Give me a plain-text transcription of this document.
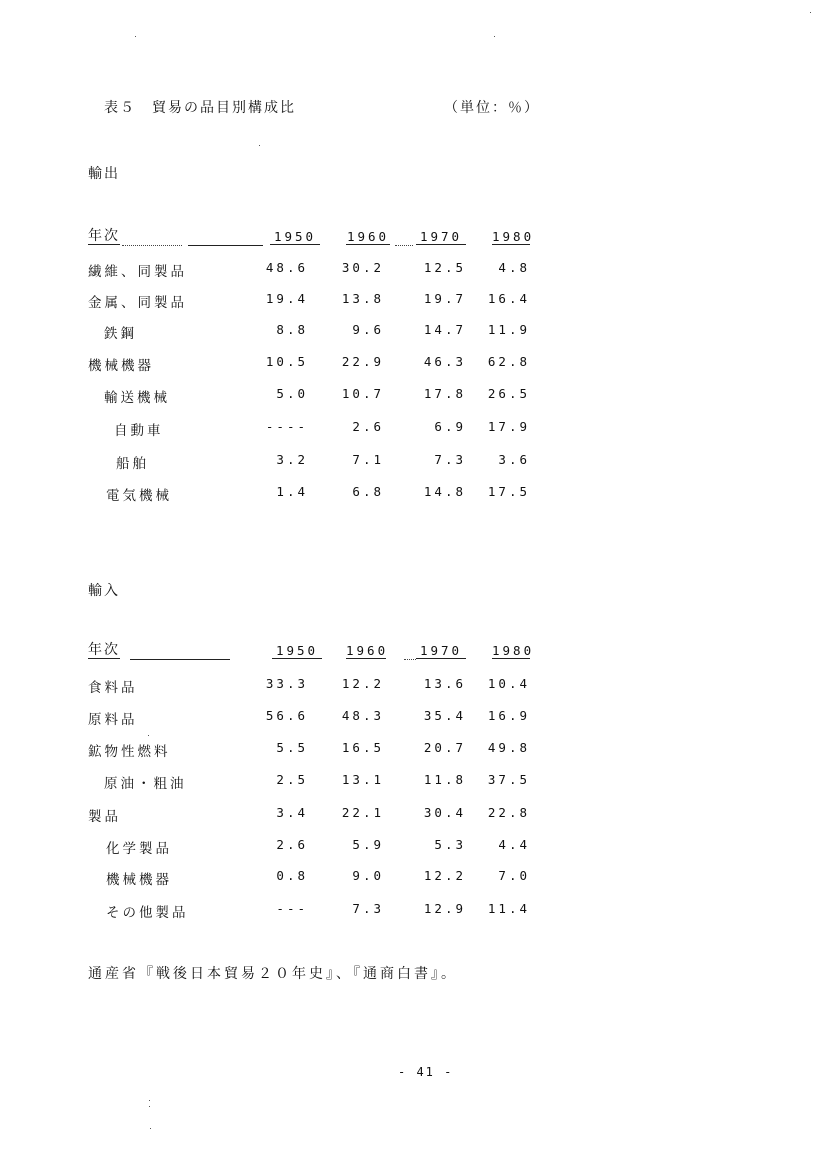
表５　貿易の品目別構成比	（単位：％）
輸出
年次	1950	1960	1970	1980
繊維、同製品	48.6	30.2	12.5	4.8
金属、同製品	19.4	13.8	19.7	16.4
鉄鋼	8.8	9.6	14.7	11.9
機械機器	10.5	22.9	46.3	62.8
輸送機械	5.0	10.7	17.8	26.5
自動車	----	2.6	6.9	17.9
船舶	3.2	7.1	7.3	3.6
電気機械	1.4	6.8	14.8	17.5
輸入
年次	1950	1960	1970	1980
食料品	33.3	12.2	13.6	10.4
原料品	56.6	48.3	35.4	16.9
鉱物性燃料	5.5	16.5	20.7	49.8
原油・粗油	2.5	13.1	11.8	37.5
製品	3.4	22.1	30.4	22.8
化学製品	2.6	5.9	5.3	4.4
機械機器	0.8	9.0	12.2	7.0
その他製品	---	7.3	12.9	11.4
通産省『戦後日本貿易２０年史』、『通商白書』。
- 41 -
